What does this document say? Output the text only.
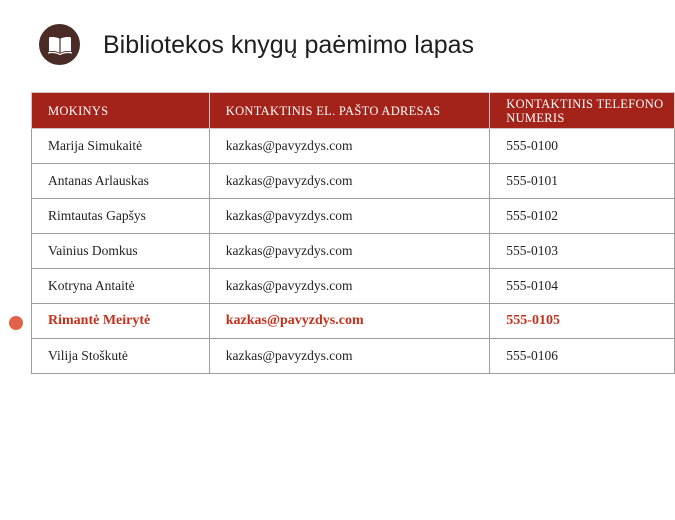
Bibliotekos knygų paėmimo lapas
MOKINYS	KONTAKTINIS EL. PAŠTO ADRESAS	KONTAKTINIS TELEFONO NUMERIS
Marija Simukaitė	kazkas@pavyzdys.com	555-0100
Antanas Arlauskas	kazkas@pavyzdys.com	555-0101
Rimtautas Gapšys	kazkas@pavyzdys.com	555-0102
Vainius Domkus	kazkas@pavyzdys.com	555-0103
Kotryna Antaitė	kazkas@pavyzdys.com	555-0104
Rimantė Meirytė	kazkas@pavyzdys.com	555-0105
Vilija Stoškutė	kazkas@pavyzdys.com	555-0106
